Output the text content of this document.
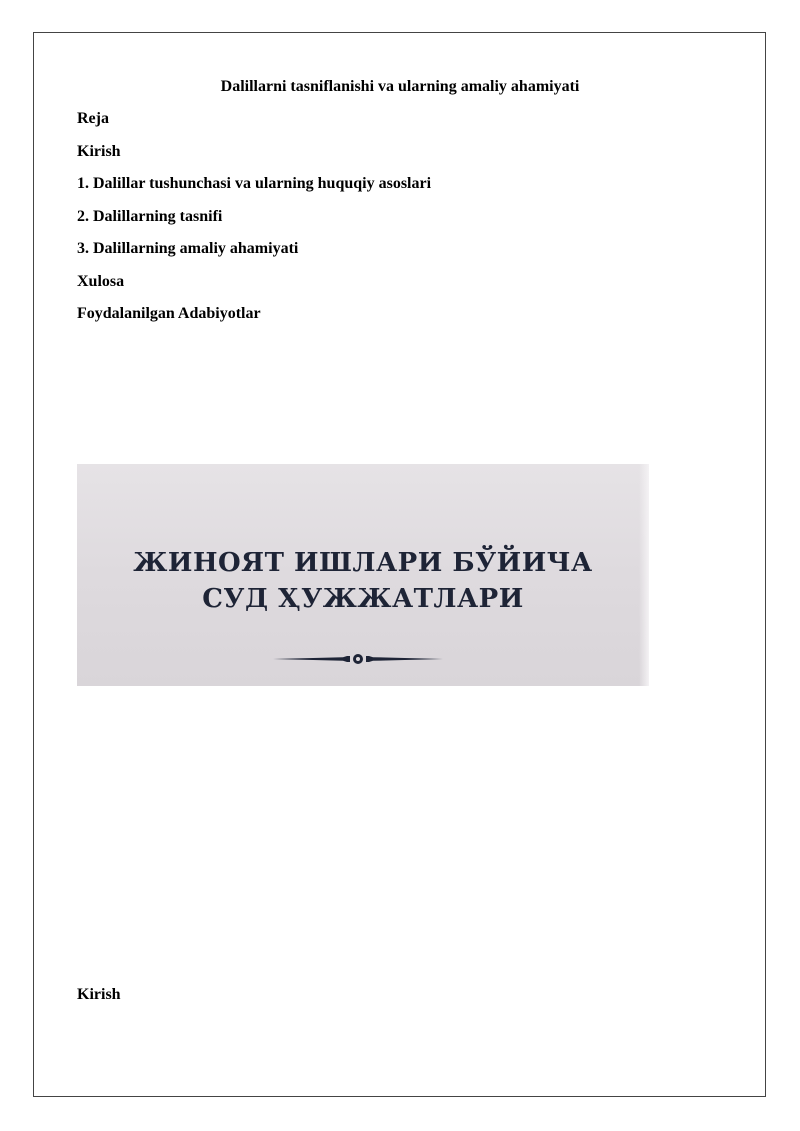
Dalillarni tasniflanishi va ularning amaliy ahamiyati
Reja
Kirish
1. Dalillar tushunchasi va ularning huquqiy asoslari
2. Dalillarning tasnifi
3. Dalillarning amaliy ahamiyati
Xulosa
Foydalanilgan Adabiyotlar
ЖИНОЯТ ИШЛАРИ БЎЙИЧА
СУД ҲУЖЖАТЛАРИ
Kirish
